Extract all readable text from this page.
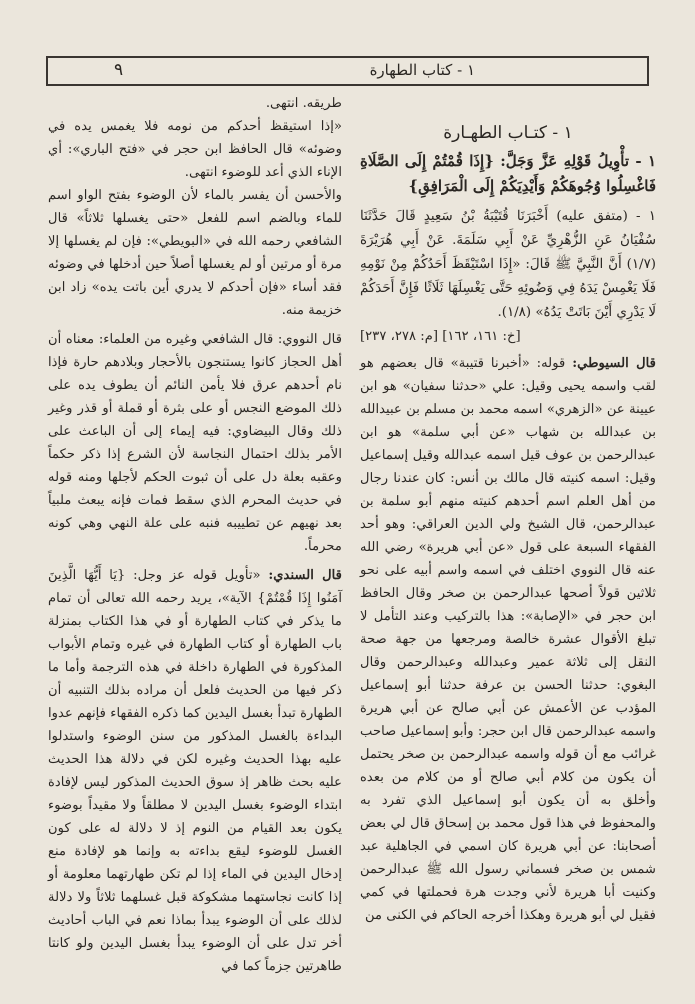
١ - كتاب الطهارة
٩

١ - كتـاب الطهـارة

١ - تأْوِيلُ قَوْلِهِ عَزَّ وَجَلَّ: {إِذَا قُمْتُمْ إِلَى الصَّلَاةِ فَاغْسِلُوا وُجُوهَكُمْ وَأَيْدِيَكُمْ إِلَى الْمَرَافِقِ}

١ - (متفق عليه) أَخْبَرَنَا قُتَيْبَةُ بْنُ سَعِيدٍ قَالَ حَدَّثَنَا سُفْيَانُ عَنِ الزُّهْرِيِّ عَنْ أَبِي سَلَمَةَ. عَنْ أَبِي هُرَيْرَةَ (١/٧) أَنَّ النَّبِيَّ ﷺ قَالَ: «إِذَا اسْتَيْقَظَ أَحَدُكُمْ مِنْ نَوْمِهِ فَلَا يَغْمِسْ يَدَهُ فِي وَضُوئِهِ حَتَّى يَغْسِلَهَا ثَلَاثًا فَإِنَّ أَحَدَكُمْ لَا يَدْرِي أَيْنَ بَاتَتْ يَدُهُ» (١/٨).

[خ: ١٦١، ١٦٢] [م: ٢٧٨، ٢٣٧]

قال السيوطي: قوله: «أخبرنا قتيبة» قال بعضهم هو لقب واسمه يحيى وقيل: علي «حدثنا سفيان» هو ابن عيينة عن «الزهري» اسمه محمد بن مسلم بن عبيدالله بن عبدالله بن شهاب «عن أبي سلمة» هو ابن عبدالرحمن بن عوف قيل اسمه عبدالله وقيل إسماعيل وقيل: اسمه كنيته قال مالك بن أنس: كان عندنا رجال من أهل العلم اسم أحدهم كنيته منهم أبو سلمة بن عبدالرحمن، قال الشيخ ولي الدين العراقي: وهو أحد الفقهاء السبعة على قول «عن أبي هريرة» رضي الله عنه قال النووي اختلف في اسمه واسم أبيه على نحو ثلاثين قولاً أصحها عبدالرحمن بن صخر وقال الحافظ ابن حجر في «الإصابة»: هذا بالتركيب وعند التأمل لا تبلغ الأقوال عشرة خالصة ومرجعها من جهة صحة النقل إلى ثلاثة عمير وعبدالله وعبدالرحمن وقال البغوي: حدثنا الحسن بن عرفة حدثنا أبو إسماعيل المؤدب عن الأعمش عن أبي صالح عن أبي هريرة واسمه عبدالرحمن قال ابن حجر: وأبو إسماعيل صاحب غرائب مع أن قوله واسمه عبدالرحمن بن صخر يحتمل أن يكون من كلام أبي صالح أو من كلام من بعده وأخلق به أن يكون أبو إسماعيل الذي تفرد به والمحفوظ في هذا قول محمد بن إسحاق قال لي بعض أصحابنا: عن أبي هريرة كان اسمي في الجاهلية عبد شمس بن صخر فسماني رسول الله ﷺ عبدالرحمن وكنيت أبا هريرة لأني وجدت هرة فحملتها في كمي فقيل لي أبو هريرة وهكذا أخرجه الحاكم في الكنى من

طريقه. انتهى.

«إذا استيقظ أحدكم من نومه فلا يغمس يده في وضوئه» قال الحافظ ابن حجر في «فتح الباري»: أي الإناء الذي أعد للوضوء انتهى.

والأحسن أن يفسر بالماء لأن الوضوء بفتح الواو اسم للماء وبالضم اسم للفعل «حتى يغسلها ثلاثاً» قال الشافعي رحمه الله في «البويطي»: فإن لم يغسلها إلا مرة أو مرتين أو لم يغسلها أصلاً حين أدخلها في وضوئه فقد أساء «فإن أحدكم لا يدري أين باتت يده» زاد ابن خزيمة منه.

قال النووي: قال الشافعي وغيره من العلماء: معناه أن أهل الحجاز كانوا يستنجون بالأحجار وبلادهم حارة فإذا نام أحدهم عرق فلا يأمن النائم أن يطوف يده على ذلك الموضع النجس أو على بثرة أو قملة أو قذر وغير ذلك وقال البيضاوي: فيه إيماء إلى أن الباعث على الأمر بذلك احتمال النجاسة لأن الشرع إذا ذكر حكماً وعقبه بعلة دل على أن ثبوت الحكم لأجلها ومنه قوله في حديث المحرم الذي سقط فمات فإنه يبعث ملبياً بعد نهيهم عن تطييبه فنبه على علة النهي وهي كونه محرماً.

قال السندي: «تأويل قوله عز وجل: {يَا أَيُّهَا الَّذِينَ آمَنُوا إِذَا قُمْتُمْ} الآية»، يريد رحمه الله تعالى أن تمام ما يذكر في كتاب الطهارة أو في هذا الكتاب بمنزلة باب الطهارة أو كتاب الطهارة في غيره وتمام الأبواب المذكورة في الطهارة داخلة في هذه الترجمة وأما ما ذكر فيها من الحديث فلعل أن مراده بذلك التنبيه أن الطهارة تبدأ بغسل اليدين كما ذكره الفقهاء فإنهم عدوا البداءة بالغسل المذكور من سنن الوضوء واستدلوا عليه بهذا الحديث وغيره لكن في دلالة هذا الحديث عليه بحث ظاهر إذ سوق الحديث المذكور ليس لإفادة ابتداء الوضوء بغسل اليدين لا مطلقاً ولا مقيداً بوضوء يكون بعد القيام من النوم إذ لا دلالة له على كون الغسل للوضوء ليقع بداءته به وإنما هو لإفادة منع إدخال اليدين في الماء إذا لم تكن طهارتهما معلومة أو إذا كانت نجاستهما مشكوكة قبل غسلهما ثلاثاً ولا دلالة لذلك على أن الوضوء يبدأ بماذا نعم في الباب أحاديث أخر تدل على أن الوضوء يبدأ بغسل اليدين ولو كانتا طاهرتين جزماً كما في
